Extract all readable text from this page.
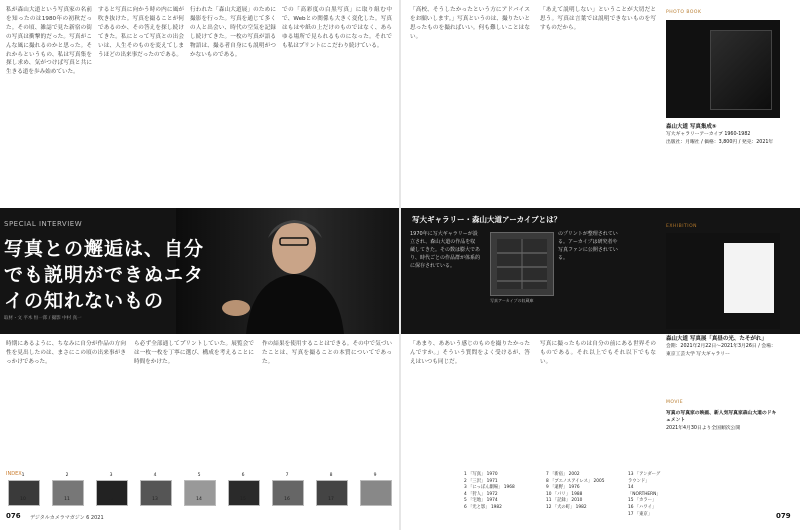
私が森山大道という写真家の名前を知ったのは1980年の初秋だった。その頃、雑誌で見た新宿の街の写真は衝撃的だった。写真がこんな風に撮れるのかと思った。それからというもの、私は写真集を探し求め、気がつけば写真と共に生きる道を歩み始めていた。

すると写真に向かう時の内に風が吹き抜けた。写真を撮ることが何であるのか、その答えを探し続けてきた。私にとって写真との出会いは、人生そのものを変えてしまうほどの出来事だったのである。

行われた「森山大道展」のために撮影を行った。写真を通じて多くの人と出会い、時代の空気を記録し続けてきた。一枚の写真が語る物語は、撮る者自身にも説明がつかないものである。

での「高彩度の白黒写真」に取り組む中で、Webとの関係も大きく変化した。写真はもはや紙の上だけのものではなく、あらゆる場所で見られるものになった。それでも私はプリントにこだわり続けている。

SPECIAL INTERVIEW
写真との邂逅は、自分でも説明ができぬエタイの知れないもの
取材・文 平木 恒一郎 / 撮影 中村 真一
写大ギャラリー・森山大道アーカイブとは？
1970年に写大ギャラリーが設立され、森山大道の作品を収蔵してきた。その数は膨大であり、時代ごとの作品群が体系的に保存されている。
写真アーカイブの収蔵庫
のプリントが整理されている。アーカイブは研究者や写真ファンに公開されている。

時期にあるように、ちなみに自分が作品の方向性を見出したのは、まさにこの頃の出来事がきっかけであった。

ら必ず全部通してプリントしていた。展覧会では一枚一枚を丁寧に選び、構成を考えることに時間をかけた。

作の結果を使用することはできる。その中で気づいたことは、写真を撮ることの本質についてであった。

「高校、そうしたかったという方にアドバイスをお願いします。」写真というのは、撮りたいと思ったものを撮ればいい。何も難しいことはない。

「あえて説明しない」ということが大切だと思う。写真は言葉では説明できないものを写すものだから。

「あまり、ああいう感じのものを撮りたかったんですか。」そういう質問をよく受けるが、答えはいつも同じだ。

写真に撮ったものは自分の前にある世界そのものである。それ以上でもそれ以下でもない。

PHOTO BOOK
森山大道 写真集成⑤
写大ギャラリーアーカイブ 1960-1982
出版社：月曜社 / 価格：3,800円 / 発売：2021年
EXHIBITION
森山大道 写真展「真昼の光、たそがれ」
会期：2021年2月22日〜2021年3月26日 / 会場：東京工芸大学 写大ギャラリー
MOVIE
写真の写真家の映画、新人気写真家森山大道のドキュメント
2021年4月30日より全国順次公開
INDEX 1	2	3	4	5	6	7	8	9
10	11	12	13	14	15	16	17
1 「写真」 1970
2 「三沢」 1971
3 「にっぽん劇場」 1968
4 「狩人」 1972
5 「宅地」 1974
6 「光と影」 1982
7 「新宿」 2002
8 「ブエノスアイレス」 2005
9 「遠野」 1976
10 「パリ」 1988
11 「記録」 2010
12 「犬の町」 1982
13 「アンダーグラウンド」
14 「NORTHERN」
15 「カラー」
16 「ハワイ」
17 「東京」
076 デジタルカメラマガジン 6 2021	079
